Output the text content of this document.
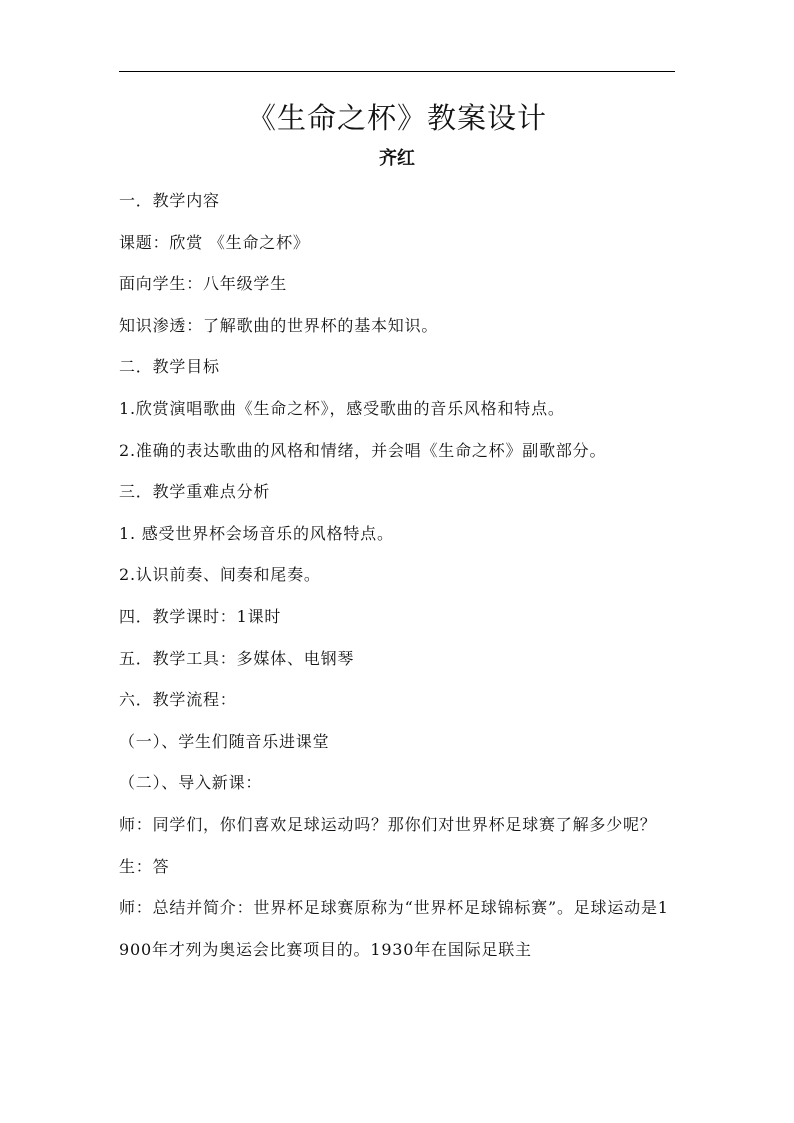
《生命之杯》教案设计
齐红
一．教学内容
课题：欣赏 《生命之杯》
面向学生：八年级学生
知识渗透：了解歌曲的世界杯的基本知识。
二．教学目标
1.欣赏演唱歌曲《生命之杯》，感受歌曲的音乐风格和特点。
2.准确的表达歌曲的风格和情绪，并会唱《生命之杯》副歌部分。
三．教学重难点分析
1. 感受世界杯会场音乐的风格特点。
2.认识前奏、间奏和尾奏。
四．教学课时：1课时
五．教学工具：多媒体、电钢琴
六．教学流程：
（一）、学生们随音乐进课堂
（二）、导入新课：
师：同学们，你们喜欢足球运动吗？那你们对世界杯足球赛了解多少呢？
生：答
师：总结并简介：世界杯足球赛原称为“世界杯足球锦标赛”。足球运动是1900年才列为奥运会比赛项目的。1930年在国际足联主
